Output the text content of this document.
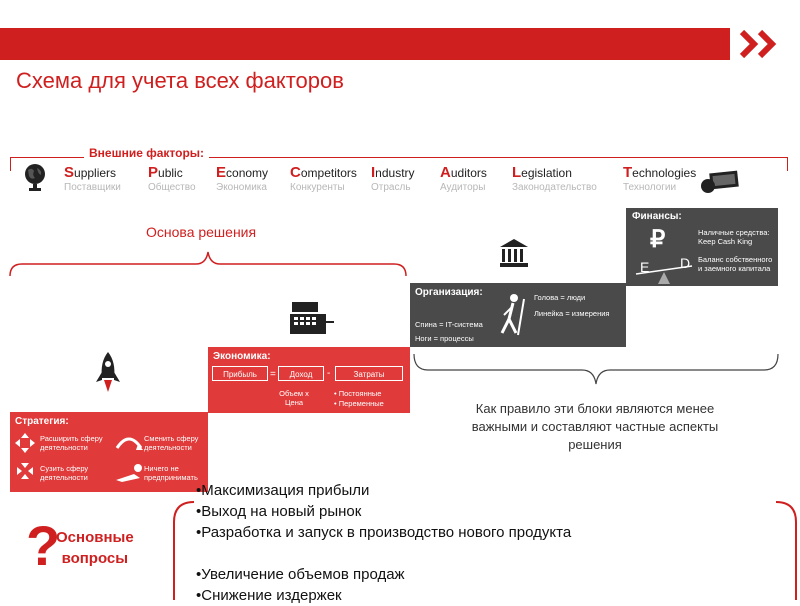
Схема для учета всех факторов
Внешние факторы:
Suppliers
Поставщики
Public
Общество
Economy
Экономика
Competitors
Конкуренты
Industry
Отрасль
Auditors
Аудиторы
Legislation
Законодательство
Technologies
Технологии
Основа решения
Финансы:
₽
E D
Наличные средства: Keep Cash King
Баланс собственного и заемного капитала
Организация:	Голова = люди
Линейка = измерения
Спина = IT-система
Ноги = процессы
Экономика:
Прибыль	=	Доход	-	Затраты
Объем х Цена
• Постоянные
• Переменные
Стратегия:
Расширить сферу деятельности
Сменить сферу деятельности
Сузить сферу деятельности
Ничего не предпринимать
Как правило эти блоки являются менее важными и составляют частные аспекты решения
?
Основные
вопросы
•Максимизация прибыли
•Выход на новый рынок
•Разработка и запуск в производство нового продукта
•Увеличение объемов продаж
•Снижение издержек
